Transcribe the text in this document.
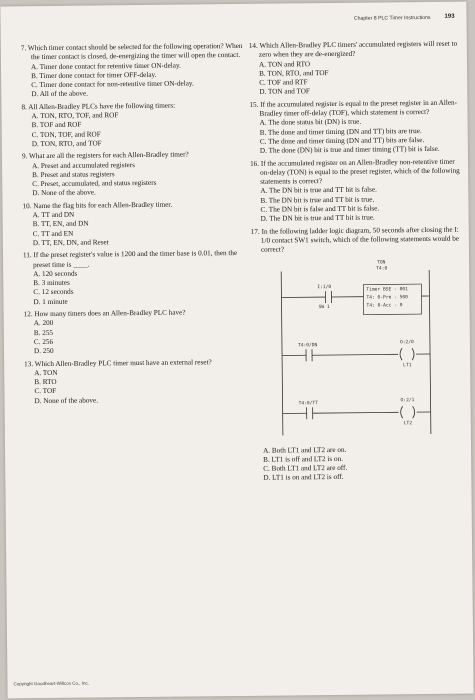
Chapter 8 PLC Timer Instructions 193
7. Which timer contact should be selected for the following operation? When the timer contact is closed, de-energizing the timer will open the contact.
A. Timer done contact for retentive timer ON-delay.
B. Timer done contact for timer OFF-delay.
C. Timer done contact for non-retentive timer ON-delay.
D. All of the above.
8. All Allen-Bradley PLCs have the following timers:
A. TON, RTO, TOF, and ROF
B. TOF and ROF
C. TON, TOF, and ROF
D. TON, RTO, and TOF
9. What are all the registers for each Allen-Bradley timer?
A. Preset and accumulated registers
B. Preset and status registers
C. Preset, accumulated, and status registers
D. None of the above.
10. Name the flag bits for each Allen-Bradley timer.
A. TT and DN
B. TT, EN, and DN
C. TT and EN
D. TT, EN, DN, and Reset
11. If the preset register's value is 1200 and the timer base is 0.01, then the preset time is ____.
A. 120 seconds
B. 3 minutes
C. 12 seconds
D. 1 minute
12. How many timers does an Allen-Bradley PLC have?
A. 200
B. 255
C. 256
D. 250
13. Which Allen-Bradley PLC timer must have an external reset?
A. TON
B. RTO
C. TOF
D. None of the above.
14. Which Allen-Bradley PLC timers' accumulated registers will reset to zero when they are de-energized?
A. TON and RTO
B. TON, RTO, and TOF
C. TOF and RTF
D. TON and TOF
15. If the accumulated register is equal to the preset register in an Allen-Bradley timer off-delay (TOF), which statement is correct?
A. The done status bit (DN) is true.
B. The done and timer timing (DN and TT) bits are true.
C. The done and timer timing (DN and TT) bits are false.
D. The done (DN) bit is true and timer timing (TT) bit is false.
16. If the accumulated register on an Allen-Bradley non-retentive timer on-delay (TON) is equal to the preset register, which of the following statements is correct?
A. The DN bit is true and TT bit is false.
B. The DN bit is true and TT bit is true.
C. The DN bit is false and TT bit is false.
D. The DN bit is true and TT bit is true.
17. In the following ladder logic diagram, 50 seconds after closing the I: 1/0 contact SW1 switch, which of the following statements would be correct?
TON
T4:0
I:1/0
SW 1
Timer BSE - 001
T4: 0-Pre - 500
T4: 0-Acc - 0
T4:0/DN
O:2/0
LT1
T4:0/TT
O:2/1
LT2
A. Both LT1 and LT2 are on.
B. LT1 is off and LT2 is on.
C. Both LT1 and LT2 are off.
D. LT1 is on and LT2 is off.
Copyright Goodheart-Willcox Co., Inc.
